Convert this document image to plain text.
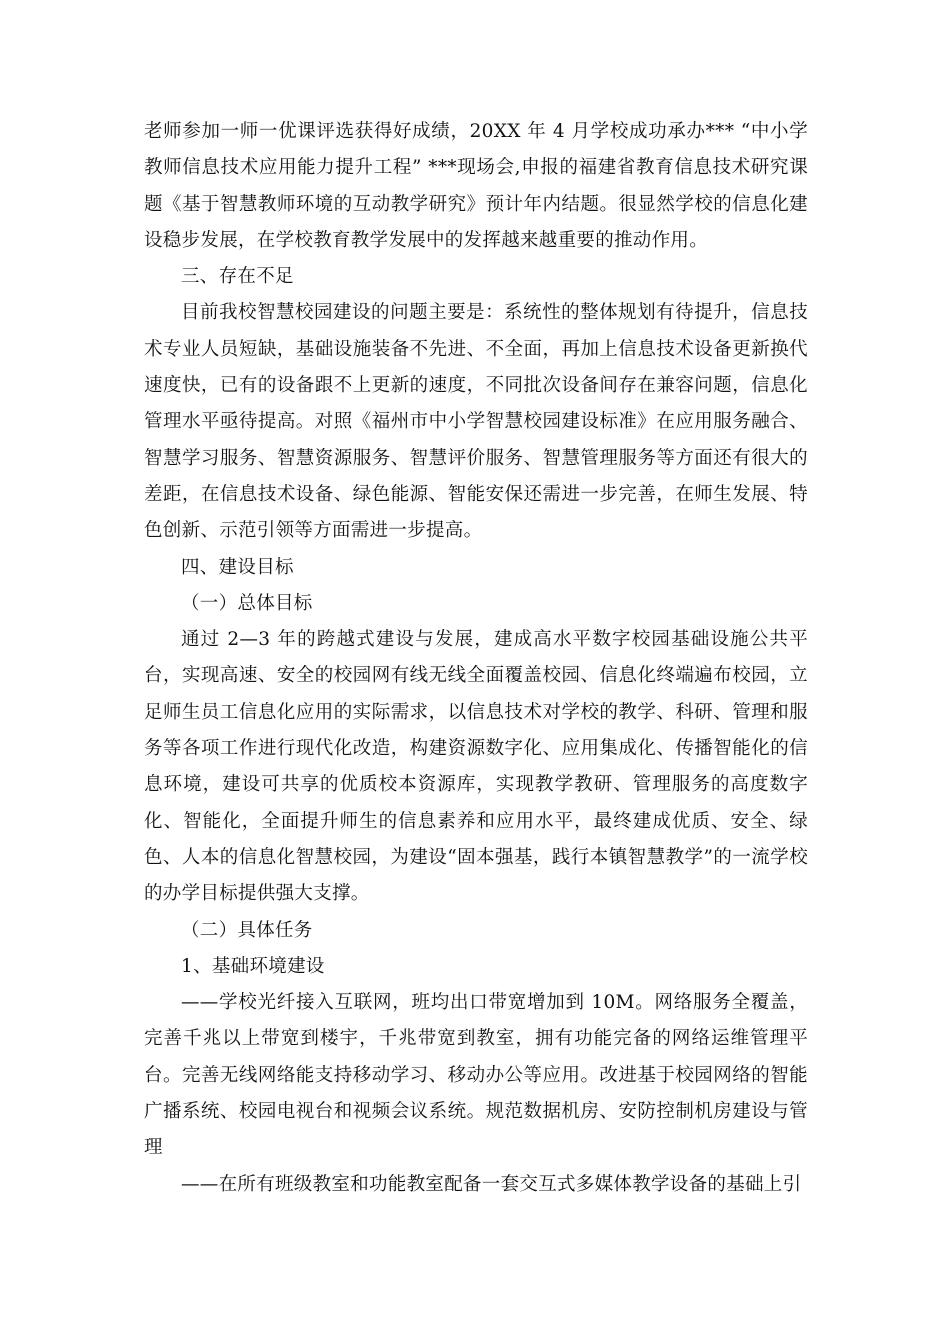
老师参加一师一优课评选获得好成绩，20XX 年 4 月学校成功承办*** “中小学教师信息技术应用能力提升工程” ***现场会,申报的福建省教育信息技术研究课题《基于智慧教师环境的互动教学研究》预计年内结题。很显然学校的信息化建设稳步发展，在学校教育教学发展中的发挥越来越重要的推动作用。

三、存在不足

目前我校智慧校园建设的问题主要是：系统性的整体规划有待提升，信息技术专业人员短缺，基础设施装备不先进、不全面，再加上信息技术设备更新换代速度快，已有的设备跟不上更新的速度，不同批次设备间存在兼容问题，信息化管理水平亟待提高。对照《福州市中小学智慧校园建设标准》在应用服务融合、智慧学习服务、智慧资源服务、智慧评价服务、智慧管理服务等方面还有很大的差距，在信息技术设备、绿色能源、智能安保还需进一步完善，在师生发展、特色创新、示范引领等方面需进一步提高。

四、建设目标

（一）总体目标

通过 2—3 年的跨越式建设与发展，建成高水平数字校园基础设施公共平台，实现高速、安全的校园网有线无线全面覆盖校园、信息化终端遍布校园，立足师生员工信息化应用的实际需求，以信息技术对学校的教学、科研、管理和服务等各项工作进行现代化改造，构建资源数字化、应用集成化、传播智能化的信息环境，建设可共享的优质校本资源库，实现教学教研、管理服务的高度数字化、智能化，全面提升师生的信息素养和应用水平，最终建成优质、安全、绿色、人本的信息化智慧校园，为建设“固本强基，践行本镇智慧教学”的一流学校的办学目标提供强大支撑。

（二）具体任务

1、基础环境建设

——学校光纤接入互联网，班均出口带宽增加到 10M。网络服务全覆盖，完善千兆以上带宽到楼宇，千兆带宽到教室，拥有功能完备的网络运维管理平台。完善无线网络能支持移动学习、移动办公等应用。改进基于校园网络的智能广播系统、校园电视台和视频会议系统。规范数据机房、安防控制机房建设与管理

——在所有班级教室和功能教室配备一套交互式多媒体教学设备的基础上引
